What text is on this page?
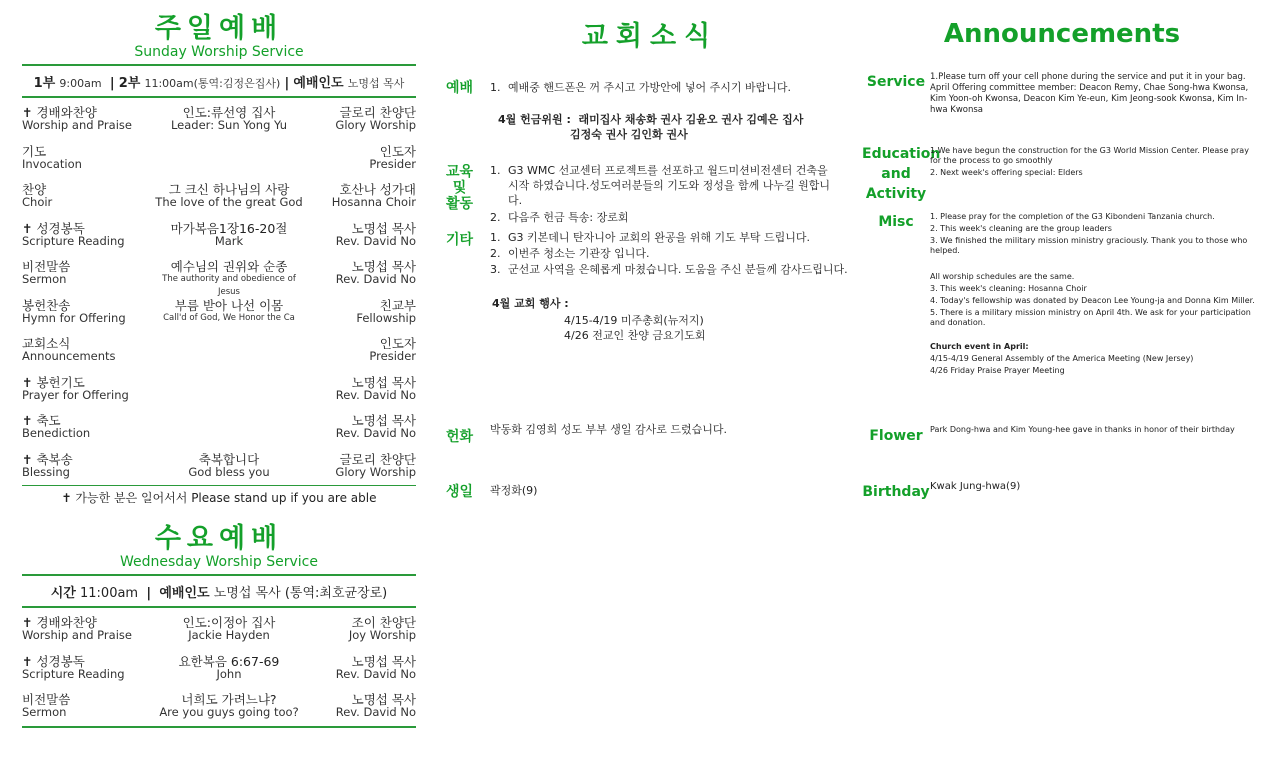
주일예배
Sunday Worship Service
1부 9:00am | 2부 11:00am(통역:김정은집사) | 예배인도 노명섭 목사
✝ 경배와찬양
Worship and Praise
인도:류선영 집사
Leader: Sun Yong Yu
글로리 찬양단
Glory Worship
기도
Invocation
인도자
Presider
찬양
Choir
그 크신 하나님의 사랑
The love of the great God
호산나 성가대
Hosanna Choir
✝ 성경봉독
Scripture Reading
마가복음1장16-20절
Mark
노명섭 목사
Rev. David No
비전말씀
Sermon
예수님의 권위와 순종
The authority and obedience of Jesus
노명섭 목사
Rev. David No
봉헌찬송
Hymn for Offering
부름 받아 나선 이몸
Call'd of God, We Honor the Ca
친교부
Fellowship
교회소식
Announcements
인도자
Presider
✝ 봉헌기도
Prayer for Offering
노명섭 목사
Rev. David No
✝ 축도
Benediction
노명섭 목사
Rev. David No
✝ 축복송
Blessing
축복합니다
God bless you
글로리 찬양단
Glory Worship
✝ 가능한 분은 일어서서 Please stand up if you are able
수요예배
Wednesday Worship Service
시간 11:00am | 예배인도 노명섭 목사 (통역:최호균장로)
✝ 경배와찬양
Worship and Praise
인도:이정아 집사
Jackie Hayden
조이 찬양단
Joy Worship
✝ 성경봉독
Scripture Reading
요한복음 6:67-69
John
노명섭 목사
Rev. David No
비전말씀
Sermon
너희도 가려느냐?
Are you guys going too?
노명섭 목사
Rev. David No
교회소식
예배 1. 예배중 핸드폰은 꺼 주시고 가방안에 넣어 주시기 바랍니다.
4월 헌금위원 : 래미집사 채송화 권사 김윤오 권사 김예은 집사
김정숙 권사 김인화 권사
교육
및
활동
1. G3 WMC 선교센터 프로젝트를 선포하고 월드미션비전센터 건축을 시작 하였습니다.성도여러분들의 기도와 정성을 함께 나누길 원합니다.
2. 다음주 헌금 특송: 장로회
기타 1. G3 키본데니 탄자니아 교회의 완공을 위해 기도 부탁 드립니다.
2. 이번주 청소는 기관장 입니다.
3. 군선교 사역을 은혜롭게 마쳤습니다. 도움을 주신 분들께 감사드립니다.
4월 교회 행사 :
4/15-4/19 미주총회(뉴저지)
4/26 전교인 찬양 금요기도회
헌화 박동화 김영희 성도 부부 생일 감사로 드렸습니다.
생일 곽정화(9)
Announcements
Service 1.Please turn off your cell phone during the service and put it in your bag.
April Offering committee member: Deacon Remy, Chae Song-hwa Kwonsa, Kim Yoon-oh Kwonsa, Deacon Kim Ye-eun, Kim Jeong-sook Kwonsa, Kim In-hwa Kwonsa
Education
and
Activity
1.We have begun the construction for the G3 World Mission Center. Please pray for the process to go smoothly
2. Next week's offering special: Elders
Misc	1. Please pray for the completion of the G3 Kibondeni Tanzania church.
2. This week's cleaning are the group leaders
3. We finished the military mission ministry graciously. Thank you to those who helped.
All worship schedules are the same.
3. This week's cleaning: Hosanna Choir
4. Today's fellowship was donated by Deacon Lee Young-ja and Donna Kim Miller.
5. There is a military mission ministry on April 4th. We ask for your participation and donation.
Church event in April:
4/15-4/19 General Assembly of the America Meeting (New Jersey)
4/26 Friday Praise Prayer Meeting
Flower Park Dong-hwa and Kim Young-hee gave in thanks in honor of their birthday
Birthday Kwak Jung-hwa(9)
